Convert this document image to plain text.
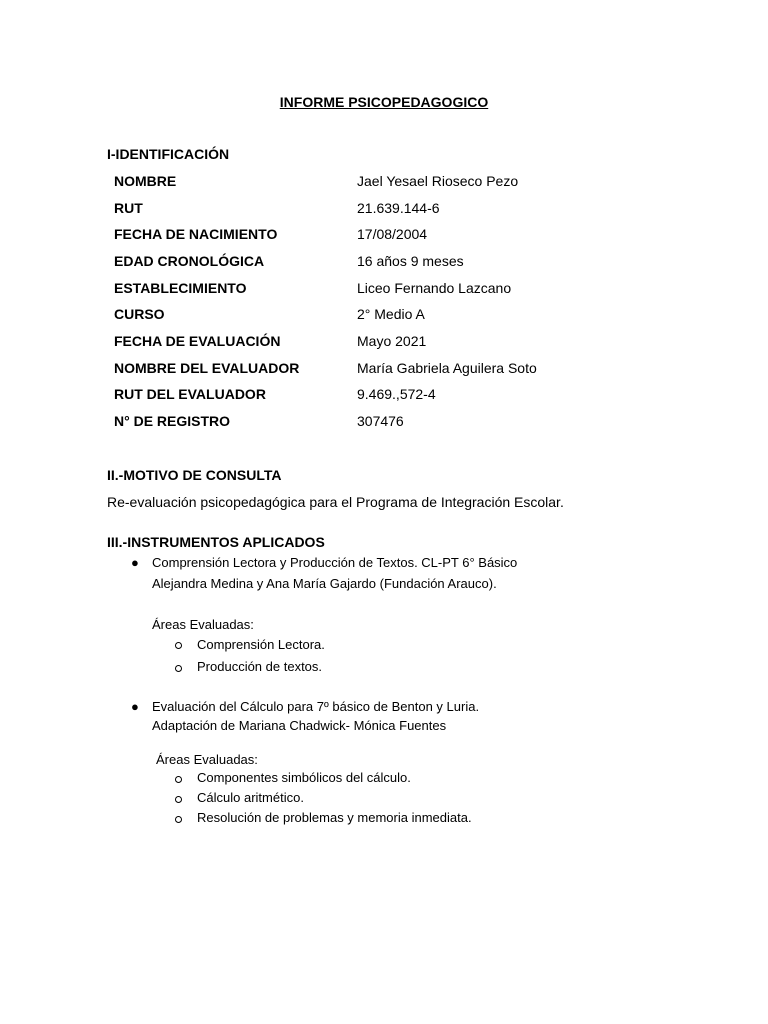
INFORME PSICOPEDAGOGICO
I-IDENTIFICACIÓN
NOMBRE	Jael Yesael Rioseco Pezo
RUT	21.639.144-6
FECHA DE NACIMIENTO	17/08/2004
EDAD CRONOLÓGICA	16 años 9 meses
ESTABLECIMIENTO	Liceo Fernando Lazcano
CURSO	2° Medio A
FECHA DE EVALUACIÓN	Mayo 2021
NOMBRE DEL EVALUADOR	María Gabriela Aguilera Soto
RUT DEL EVALUADOR	9.469.,572-4
N° DE REGISTRO	307476
II.-MOTIVO DE CONSULTA
Re-evaluación psicopedagógica para el Programa de Integración Escolar.
III.-INSTRUMENTOS APLICADOS
● Comprensión Lectora y Producción de Textos. CL-PT 6° Básico
Alejandra Medina y Ana María Gajardo (Fundación Arauco).
Áreas Evaluadas:
Comprensión Lectora.
Producción de textos.
● Evaluación del Cálculo para 7º básico de Benton y Luria.
Adaptación de Mariana Chadwick- Mónica Fuentes
Áreas Evaluadas:
Componentes simbólicos del cálculo.
Cálculo aritmético.
Resolución de problemas y memoria inmediata.
